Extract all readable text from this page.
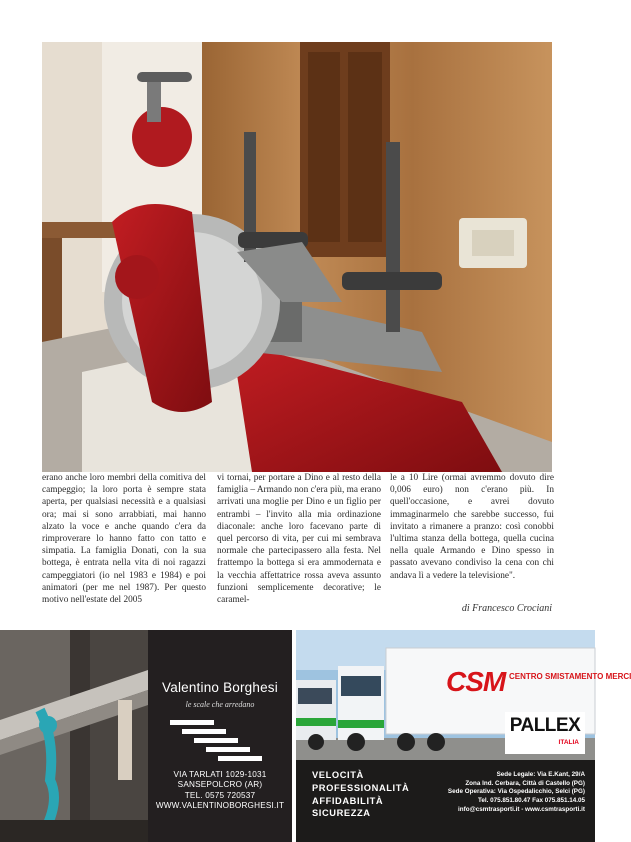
erano anche loro membri della comitiva del campeggio; la loro porta è sempre stata aperta, per qualsiasi necessità e a qualsiasi ora; mai si sono arrabbiati, mai hanno alzato la voce e anche quando c'era da rimproverare lo hanno fatto con tatto e simpatia. La famiglia Donati, con la sua bottega, è entrata nella vita di noi ragazzi campeggiatori (io nel 1983 e 1984) e poi animatori (per me nel 1987). Per questo motivo nell'estate del 2005

vi tornai, per portare a Dino e al resto della famiglia – Armando non c'era più, ma erano arrivati una moglie per Dino e un figlio per entrambi – l'invito alla mia ordinazione diaconale: anche loro facevano parte di quel percorso di vita, per cui mi sembrava normale che partecipassero alla festa. Nel frattempo la bottega si era ammodernata e la vecchia affettatrice rossa aveva assunto funzioni semplicemente decorative; le caramel-

le a 10 Lire (ormai avremmo dovuto dire 0,006 euro) non c'erano più. In quell'occasione, e avrei dovuto immaginarmelo che sarebbe successo, fui invitato a rimanere a pranzo: così conobbi l'ultima stanza della bottega, quella cucina nella quale Armando e Dino spesso in passato avevano condiviso la cena con chi andava lì a vedere la televisione".

di Francesco Crociani
Valentino Borghesi
le scale che arredano
VIA TARLATI 1029-1031
SANSEPOLCRO (AR)
TEL. 0575 720537
WWW.VALENTINOBORGHESI.IT
CSM CENTRO SMISTAMENTO MERCI
PALLEX
ITALIA
VELOCITÀ
PROFESSIONALITÀ
AFFIDABILITÀ
SICUREZZA
Sede Legale: Via E.Kant, 29/A
Zona Ind. Cerbara, Città di Castello (PG)
Sede Operativa: Via Ospedalicchio, Selci (PG)
Tel. 075.851.80.47 Fax 075.851.14.05
info@csmtrasporti.it - www.csmtrasporti.it
